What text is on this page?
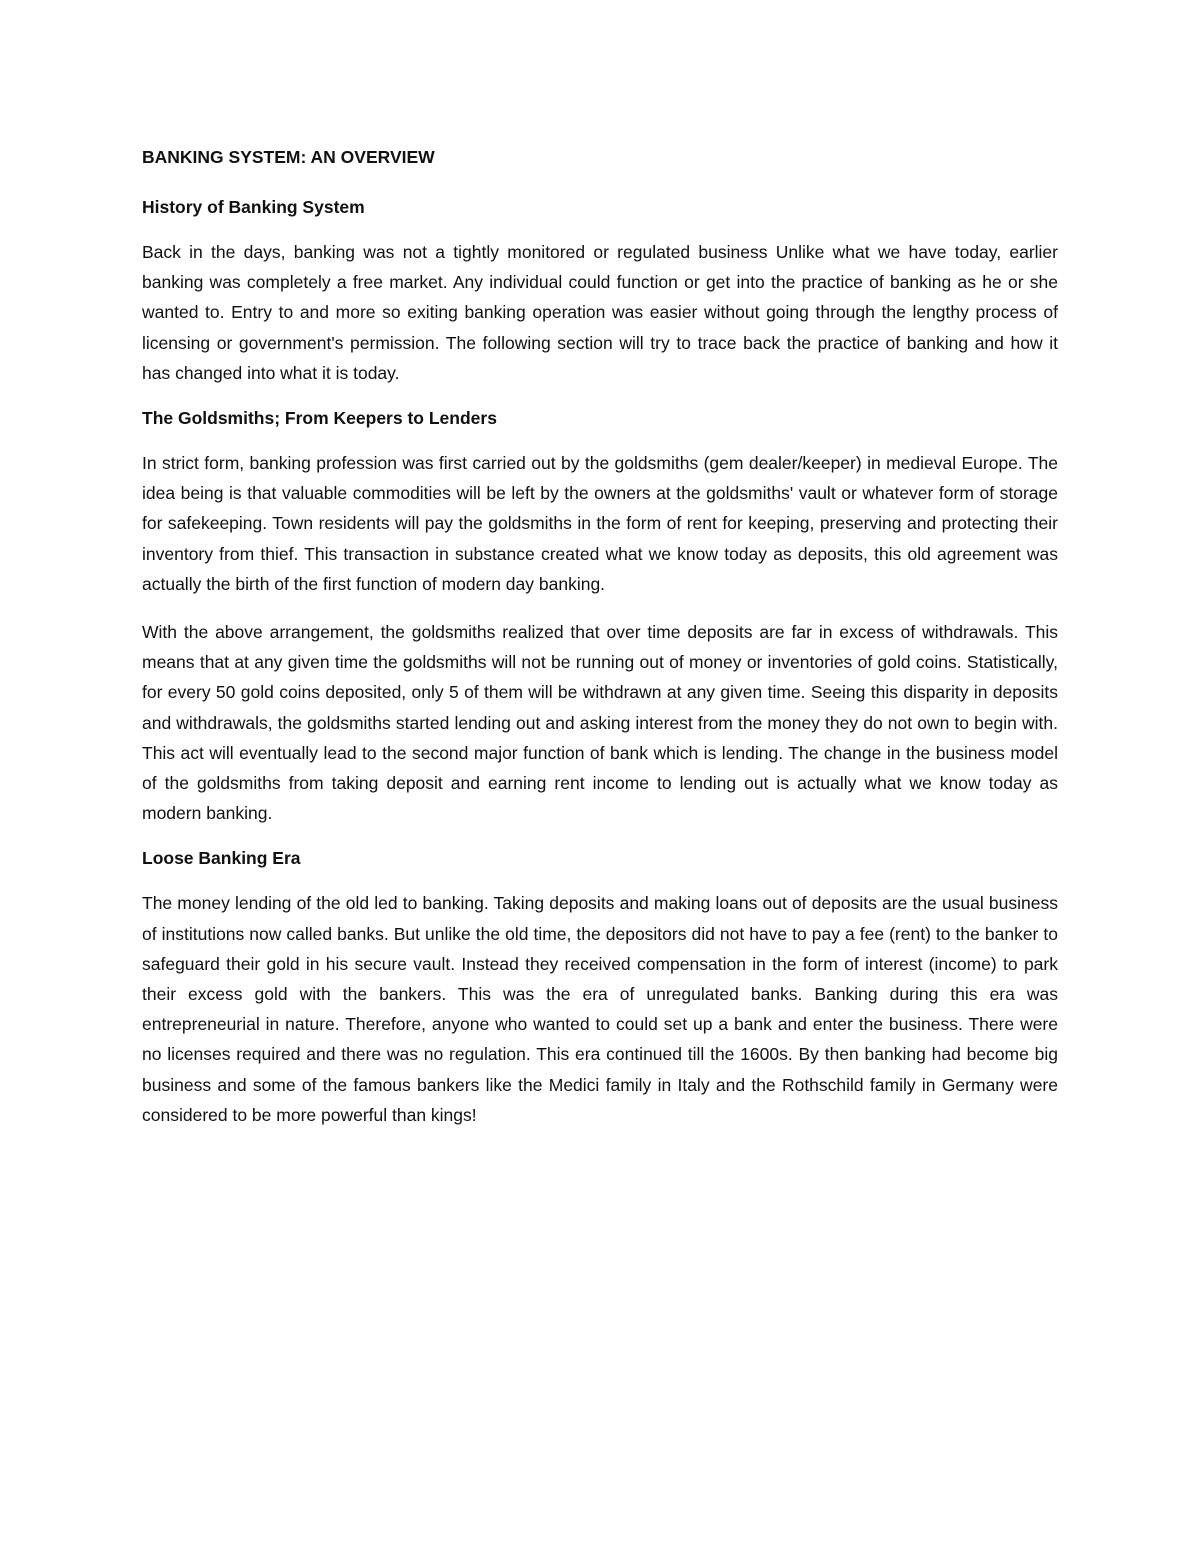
BANKING SYSTEM: AN OVERVIEW
History of Banking System

Back in the days, banking was not a tightly monitored or regulated business Unlike what we have today, earlier banking was completely a free market. Any individual could function or get into the practice of banking as he or she wanted to. Entry to and more so exiting banking operation was easier without going through the lengthy process of licensing or government's permission. The following section will try to trace back the practice of banking and how it has changed into what it is today.

The Goldsmiths; From Keepers to Lenders

In strict form, banking profession was first carried out by the goldsmiths (gem dealer/keeper) in medieval Europe. The idea being is that valuable commodities will be left by the owners at the goldsmiths' vault or whatever form of storage for safekeeping. Town residents will pay the goldsmiths in the form of rent for keeping, preserving and protecting their inventory from thief. This transaction in substance created what we know today as deposits, this old agreement was actually the birth of the first function of modern day banking.

With the above arrangement, the goldsmiths realized that over time deposits are far in excess of withdrawals. This means that at any given time the goldsmiths will not be running out of money or inventories of gold coins. Statistically, for every 50 gold coins deposited, only 5 of them will be withdrawn at any given time. Seeing this disparity in deposits and withdrawals, the goldsmiths started lending out and asking interest from the money they do not own to begin with. This act will eventually lead to the second major function of bank which is lending. The change in the business model of the goldsmiths from taking deposit and earning rent income to lending out is actually what we know today as modern banking.

Loose Banking Era

The money lending of the old led to banking. Taking deposits and making loans out of deposits are the usual business of institutions now called banks. But unlike the old time, the depositors did not have to pay a fee (rent) to the banker to safeguard their gold in his secure vault. Instead they received compensation in the form of interest (income) to park their excess gold with the bankers. This was the era of unregulated banks. Banking during this era was entrepreneurial in nature. Therefore, anyone who wanted to could set up a bank and enter the business. There were no licenses required and there was no regulation. This era continued till the 1600s. By then banking had become big business and some of the famous bankers like the Medici family in Italy and the Rothschild family in Germany were considered to be more powerful than kings!
